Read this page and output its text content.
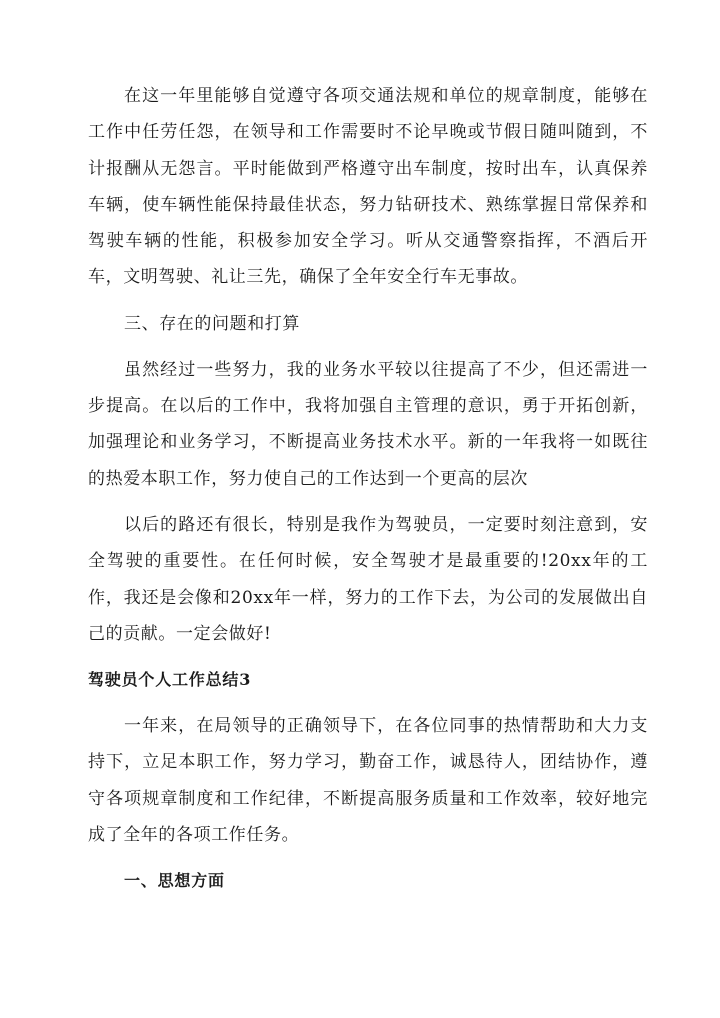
在这一年里能够自觉遵守各项交通法规和单位的规章制度，能够在工作中任劳任怨，在领导和工作需要时不论早晚或节假日随叫随到，不计报酬从无怨言。平时能做到严格遵守出车制度，按时出车，认真保养车辆，使车辆性能保持最佳状态，努力钻研技术、熟练掌握日常保养和驾驶车辆的性能，积极参加安全学习。听从交通警察指挥，不酒后开车，文明驾驶、礼让三先，确保了全年安全行车无事故。

三、存在的问题和打算

虽然经过一些努力，我的业务水平较以往提高了不少，但还需进一步提高。在以后的工作中，我将加强自主管理的意识，勇于开拓创新，加强理论和业务学习，不断提高业务技术水平。新的一年我将一如既往的热爱本职工作，努力使自己的工作达到一个更高的层次

以后的路还有很长，特别是我作为驾驶员，一定要时刻注意到，安全驾驶的重要性。在任何时候，安全驾驶才是最重要的!20xx年的工作，我还是会像和20xx年一样，努力的工作下去，为公司的发展做出自己的贡献。一定会做好!

驾驶员个人工作总结3

一年来，在局领导的正确领导下，在各位同事的热情帮助和大力支持下，立足本职工作，努力学习，勤奋工作，诚恳待人，团结协作，遵守各项规章制度和工作纪律，不断提高服务质量和工作效率，较好地完成了全年的各项工作任务。

一、思想方面
